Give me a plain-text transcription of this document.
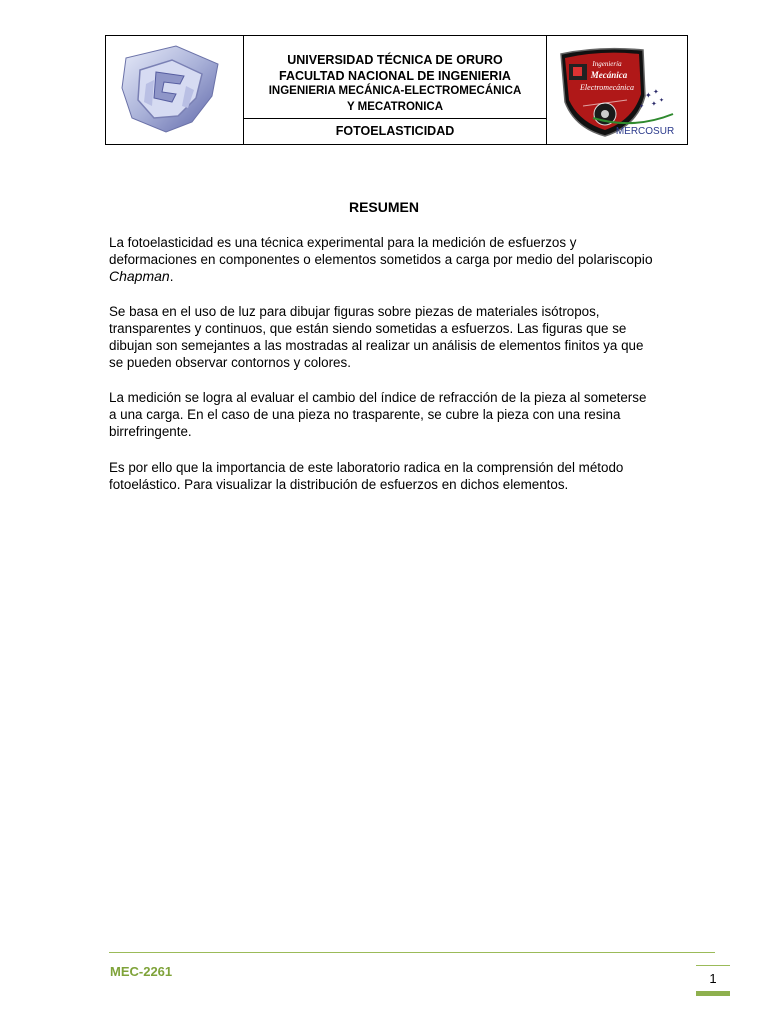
UNIVERSIDAD TÉCNICA DE ORURO
FACULTAD NACIONAL DE INGENIERIA
INGENIERIA MECÁNICA-ELECTROMECÁNICA
Y MECATRONICA
FOTOELASTICIDAD
Ingeniería
Mecánica
Electromecánica
✦ ✦
✦ ✦
✦
MERCOSUR
RESUMEN

La fotoelasticidad es una técnica experimental para la medición de esfuerzos y deformaciones en componentes o elementos sometidos a carga por medio del polariscopio
Chapman.

Se basa en el uso de luz para dibujar figuras sobre piezas de materiales isótropos, transparentes y continuos, que están siendo sometidas a esfuerzos. Las figuras que se dibujan son semejantes a las mostradas al realizar un análisis de elementos finitos ya que se pueden observar contornos y colores.

La medición se logra al evaluar el cambio del índice de refracción de la pieza al someterse a una carga. En el caso de una pieza no trasparente, se cubre la pieza con una resina birrefringente.

Es por ello que la importancia de este laboratorio radica en la comprensión del método fotoelástico. Para visualizar la distribución de esfuerzos en dichos elementos.

MEC-2261	1
